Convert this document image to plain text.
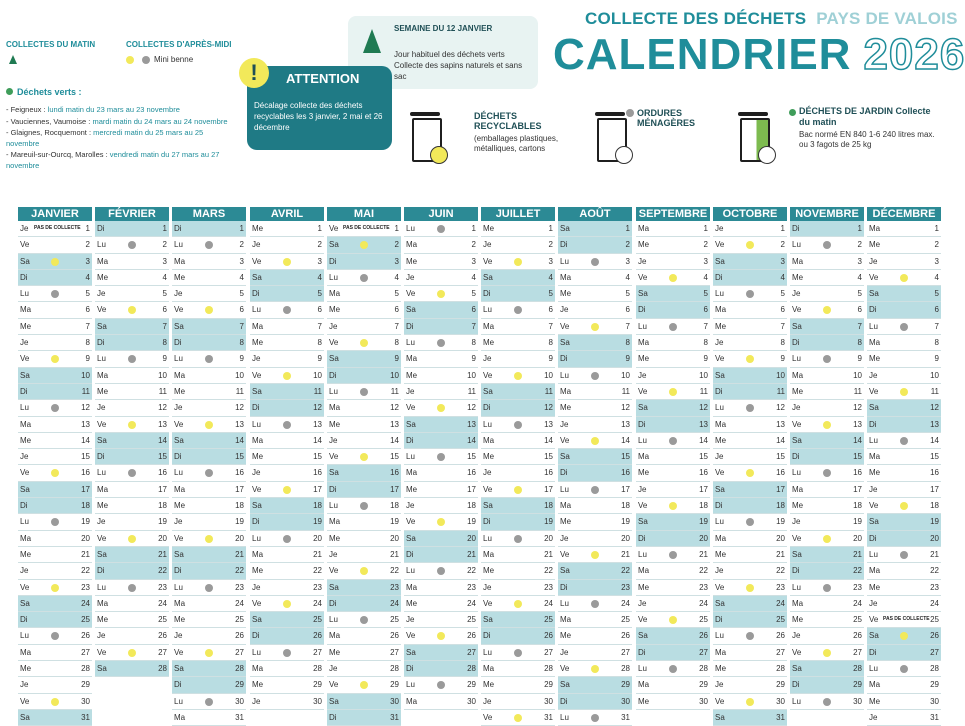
COLLECTE DES DÉCHETS PAYS DE VALOIS
CALENDRIER 2026
COLLECTES DU MATIN	COLLECTES D'APRÈS-MIDI
Mini benne
Déchets verts :
- Feigneux : lundi matin du 23 mars au 23 novembre
- Vauciennes, Vaumoise : mardi matin du 24 mars au 24 novembre
- Glaignes, Rocquemont : mercredi matin du 25 mars au 25 novembre
- Mareuil-sur-Ourcq, Marolles : vendredi matin du 27 mars au 27 novembre
SEMAINE DU 12 JANVIER
Jour habituel des déchets verts Collecte des sapins naturels et sans sac
!	ATTENTION
Décalage collecte des déchets recyclables les 3 janvier, 2 mai et 26 décembre
DÉCHETS RECYCLABLES
(emballages plastiques, métalliques, cartons
ORDURES MÉNAGÈRES
DÉCHETS DE JARDIN Collecte du matin
Bac normé EN 840 1-6 240 litres max. ou 3 fagots de 25 kg
JANVIER
Je PAS DE COLLECTE 1
Ve	2
Sa	3
Di	4
Lu	5
Ma	6
Me	7
Je	8
Ve	9
Sa	10
Di	11
Lu	12
Ma	13
Me	14
Je	15
Ve	16
Sa	17
Di	18
Lu	19
Ma	20
Me	21
Je	22
Ve	23
Sa	24
Di	25
Lu	26
Ma	27
Me	28
Je	29
Ve	30
Sa	31
FÉVRIER
Di	1
Lu	2
Ma	3
Me	4
Je	5
Ve	6
Sa	7
Di	8
Lu	9
Ma	10
Me	11
Je	12
Ve	13
Sa	14
Di	15
Lu	16
Ma	17
Me	18
Je	19
Ve	20
Sa	21
Di	22
Lu	23
Ma	24
Me	25
Je	26
Ve	27
Sa	28
MARS
Di	1
Lu	2
Ma	3
Me	4
Je	5
Ve	6
Sa	7
Di	8
Lu	9
Ma	10
Me	11
Je	12
Ve	13
Sa	14
Di	15
Lu	16
Ma	17
Me	18
Je	19
Ve	20
Sa	21
Di	22
Lu	23
Ma	24
Me	25
Je	26
Ve	27
Sa	28
Di	29
Lu	30
Ma	31
AVRIL
Me	1
Je	2
Ve	3
Sa	4
Di	5
Lu	6
Ma	7
Me	8
Je	9
Ve	10
Sa	11
Di	12
Lu	13
Ma	14
Me	15
Je	16
Ve	17
Sa	18
Di	19
Lu	20
Ma	21
Me	22
Je	23
Ve	24
Sa	25
Di	26
Lu	27
Ma	28
Me	29
Je	30
MAI
Ve PAS DE COLLECTE 1
Sa	2
Di	3
Lu	4
Ma	5
Me	6
Je	7
Ve	8
Sa	9
Di	10
Lu	11
Ma	12
Me	13
Je	14
Ve	15
Sa	16
Di	17
Lu	18
Ma	19
Me	20
Je	21
Ve	22
Sa	23
Di	24
Lu	25
Ma	26
Me	27
Je	28
Ve	29
Sa	30
Di	31
JUIN
Lu	1
Ma	2
Me	3
Je	4
Ve	5
Sa	6
Di	7
Lu	8
Ma	9
Me	10
Je	11
Ve	12
Sa	13
Di	14
Lu	15
Ma	16
Me	17
Je	18
Ve	19
Sa	20
Di	21
Lu	22
Ma	23
Me	24
Je	25
Ve	26
Sa	27
Di	28
Lu	29
Ma	30
JUILLET
Me	1
Je	2
Ve	3
Sa	4
Di	5
Lu	6
Ma	7
Me	8
Je	9
Ve	10
Sa	11
Di	12
Lu	13
Ma	14
Me	15
Je	16
Ve	17
Sa	18
Di	19
Lu	20
Ma	21
Me	22
Je	23
Ve	24
Sa	25
Di	26
Lu	27
Ma	28
Me	29
Je	30
Ve	31
AOÛT
Sa	1
Di	2
Lu	3
Ma	4
Me	5
Je	6
Ve	7
Sa	8
Di	9
Lu	10
Ma	11
Me	12
Je	13
Ve	14
Sa	15
Di	16
Lu	17
Ma	18
Me	19
Je	20
Ve	21
Sa	22
Di	23
Lu	24
Ma	25
Me	26
Je	27
Ve	28
Sa	29
Di	30
Lu	31
SEPTEMBRE
Ma	1
Me	2
Je	3
Ve	4
Sa	5
Di	6
Lu	7
Ma	8
Me	9
Je	10
Ve	11
Sa	12
Di	13
Lu	14
Ma	15
Me	16
Je	17
Ve	18
Sa	19
Di	20
Lu	21
Ma	22
Me	23
Je	24
Ve	25
Sa	26
Di	27
Lu	28
Ma	29
Me	30
OCTOBRE
Je	1
Ve	2
Sa	3
Di	4
Lu	5
Ma	6
Me	7
Je	8
Ve	9
Sa	10
Di	11
Lu	12
Ma	13
Me	14
Je	15
Ve	16
Sa	17
Di	18
Lu	19
Ma	20
Me	21
Je	22
Ve	23
Sa	24
Di	25
Lu	26
Ma	27
Me	28
Je	29
Ve	30
Sa	31
NOVEMBRE
Di	1
Lu	2
Ma	3
Me	4
Je	5
Ve	6
Sa	7
Di	8
Lu	9
Ma	10
Me	11
Je	12
Ve	13
Sa	14
Di	15
Lu	16
Ma	17
Me	18
Je	19
Ve	20
Sa	21
Di	22
Lu	23
Ma	24
Me	25
Je	26
Ve	27
Sa	28
Di	29
Lu	30
DÉCEMBRE
Ma	1
Me	2
Je	3
Ve	4
Sa	5
Di	6
Lu	7
Ma	8
Me	9
Je	10
Ve	11
Sa	12
Di	13
Lu	14
Ma	15
Me	16
Je	17
Ve	18
Sa	19
Di	20
Lu	21
Ma	22
Me	23
Je	24
Ve PAS DE COLLECTE 25
Sa	26
Di	27
Lu	28
Ma	29
Me	30
Je	31
